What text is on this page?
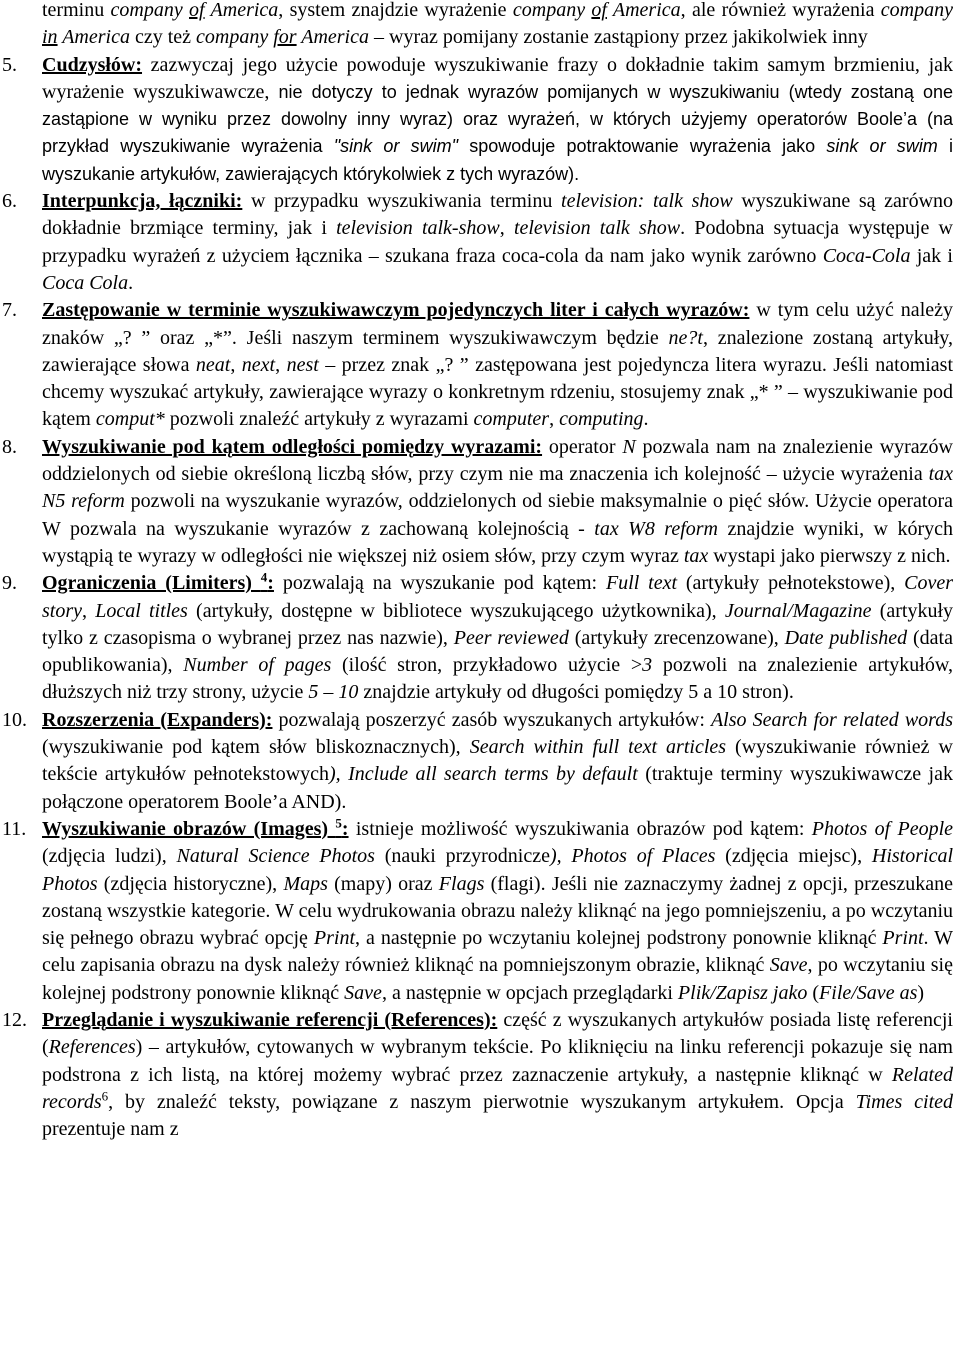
terminu company of America, system znajdzie wyrażenie company of America, ale również wyrażenia company in America czy też company for America – wyraz pomijany zostanie zastąpiony przez jakikolwiek inny
5. Cudzysłów: zazwyczaj jego użycie powoduje wyszukiwanie frazy o dokładnie takim samym brzmieniu, jak wyrażenie wyszukiwawcze, nie dotyczy to jednak wyrazów pomijanych w wyszukiwaniu (wtedy zostaną one zastąpione w wyniku przez dowolny inny wyraz) oraz wyrażeń, w których użyjemy operatorów Boole’a (na przykład wyszukiwanie wyrażenia "sink or swim" spowoduje potraktowanie wyrażenia jako sink or swim i wyszukanie artykułów, zawierających którykolwiek z tych wyrazów).
6. Interpunkcja, łączniki: w przypadku wyszukiwania terminu television: talk show wyszukiwane są zarówno dokładnie brzmiące terminy, jak i television talk-show, television talk show. Podobna sytuacja występuje w przypadku wyrażeń z użyciem łącznika – szukana fraza coca-cola da nam jako wynik zarówno Coca-Cola jak i Coca Cola.
7. Zastępowanie w terminie wyszukiwawczym pojedynczych liter i całych wyrazów: w tym celu użyć należy znaków „? ” oraz „*”. Jeśli naszym terminem wyszukiwawczym będzie ne?t, znalezione zostaną artykuły, zawierające słowa neat, next, nest – przez znak „? ” zastępowana jest pojedyncza litera wyrazu. Jeśli natomiast chcemy wyszukać artykuły, zawierające wyrazy o konkretnym rdzeniu, stosujemy znak „* ” – wyszukiwanie pod kątem comput* pozwoli znaleźć artykuły z wyrazami computer, computing.
8. Wyszukiwanie pod kątem odległości pomiędzy wyrazami: operator N pozwala nam na znalezienie wyrazów oddzielonych od siebie określoną liczbą słów, przy czym nie ma znaczenia ich kolejność – użycie wyrażenia tax N5 reform pozwoli na wyszukanie wyrazów, oddzielonych od siebie maksymalnie o pięć słów. Użycie operatora W pozwala na wyszukanie wyrazów z zachowaną kolejnością - tax W8 reform znajdzie wyniki, w kórych wystąpią te wyrazy w odległości nie większej niż osiem słów, przy czym wyraz tax wystapi jako pierwszy z nich.
9. Ograniczenia (Limiters) $^4$: pozwalają na wyszukanie pod kątem: Full text (artykuły pełnotekstowe), Cover story, Local titles (artykuły, dostępne w bibliotece wyszukującego użytkownika), Journal/Magazine (artykuły tylko z czasopisma o wybranej przez nas nazwie), Peer reviewed (artykuły zrecenzowane), Date published (data opublikowania), Number of pages (ilość stron, przykładowo użycie >3 pozwoli na znalezienie artykułów, dłuższych niż trzy strony, użycie 5 – 10 znajdzie artykuły od długości pomiędzy 5 a 10 stron).
10. Rozszerzenia (Expanders): pozwalają poszerzyć zasób wyszukanych artykułów: Also Search for related words (wyszukiwanie pod kątem słów bliskoznacznych), Search within full text articles (wyszukiwanie również w tekście artykułów pełnotekstowych), Include all search terms by default (traktuje terminy wyszukiwawcze jak połączone operatorem Boole’a AND).
11. Wyszukiwanie obrazów (Images) $^5$: istnieje możliwość wyszukiwania obrazów pod kątem: Photos of People (zdjęcia ludzi), Natural Science Photos (nauki przyrodnicze), Photos of Places (zdjęcia miejsc), Historical Photos (zdjęcia historyczne), Maps (mapy) oraz Flags (flagi). Jeśli nie zaznaczymy żadnej z opcji, przeszukane zostaną wszystkie kategorie. W celu wydrukowania obrazu należy kliknąć na jego pomniejszeniu, a po wczytaniu się pełnego obrazu wybrać opcję Print, a następnie po wczytaniu kolejnej podstrony ponownie kliknąć Print. W celu zapisania obrazu na dysk należy również kliknąć na pomniejszonym obrazie, kliknąć Save, po wczytaniu się kolejnej podstrony ponownie kliknąć Save, a następnie w opcjach przeglądarki Plik/Zapisz jako (File/Save as)
12. Przeglądanie i wyszukiwanie referencji (References): część z wyszukanych artykułów posiada listę referencji (References) – artykułów, cytowanych w wybranym tekście. Po kliknięciu na linku referencji pokazuje się nam podstrona z ich listą, na której możemy wybrać przez zaznaczenie artykuły, a następnie kliknąć w Related records$^6$, by znaleźć teksty, powiązane z naszym pierwotnie wyszukanym artykułem. Opcja Times cited prezentuje nam z
